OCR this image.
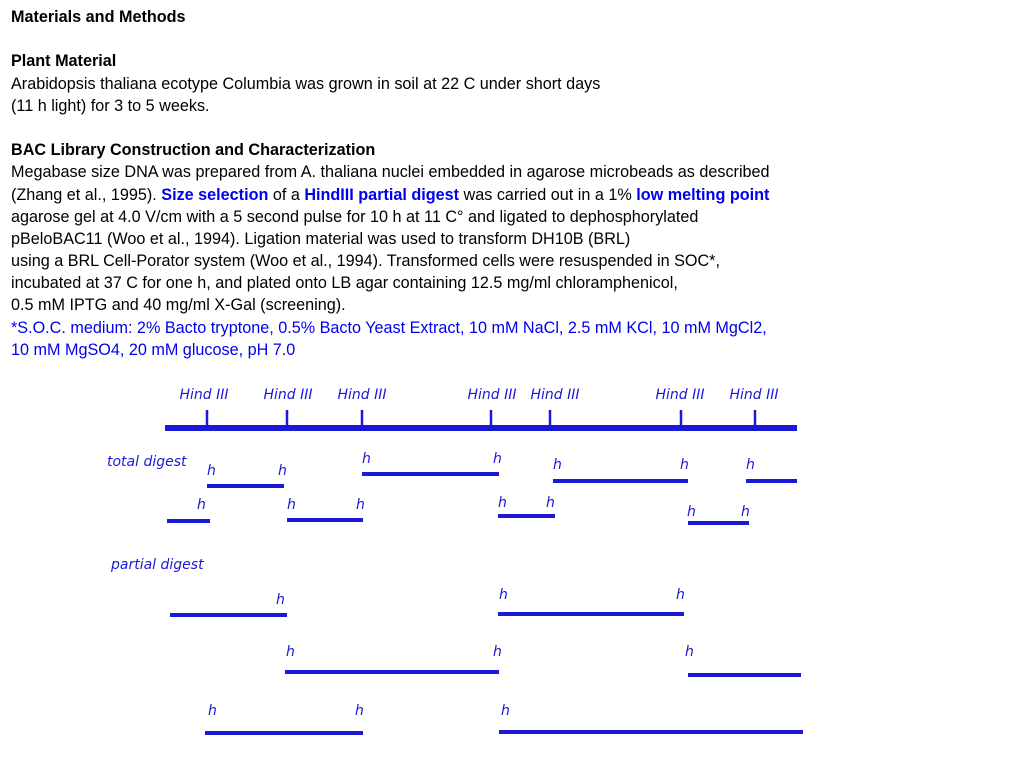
Materials and Methods
Plant Material
Arabidopsis thaliana ecotype Columbia was grown in soil at 22 C under short days
(11 h light) for 3 to 5 weeks.
BAC Library Construction and Characterization
Megabase size DNA was prepared from A. thaliana nuclei embedded in agarose microbeads as described
(Zhang et al., 1995). Size selection of a HindIII partial digest was carried out in a 1% low melting point
agarose gel at 4.0 V/cm with a 5 second pulse for 10 h at 11 C° and ligated to dephosphorylated
pBeloBAC11 (Woo et al., 1994). Ligation material was used to transform DH10B (BRL)
using a BRL Cell-Porator system (Woo et al., 1994). Transformed cells were resuspended in SOC*,
incubated at 37 C for one h, and plated onto LB agar containing 12.5 mg/ml chloramphenicol,
0.5 mM IPTG and 40 mg/ml X-Gal (screening).
*S.O.C. medium: 2% Bacto tryptone, 0.5% Bacto Yeast Extract, 10 mM NaCl, 2.5 mM KCl, 10 mM MgCl2,
10 mM MgSO4, 20 mM glucose, pH 7.0
Hind III Hind III Hind III	Hind III Hind III	Hind III Hind III
total digest
partial digest
h	h
h	h	h	h	h
h	h	h	h	h
h	h
h	h	h
h	h	h
h	h	h
